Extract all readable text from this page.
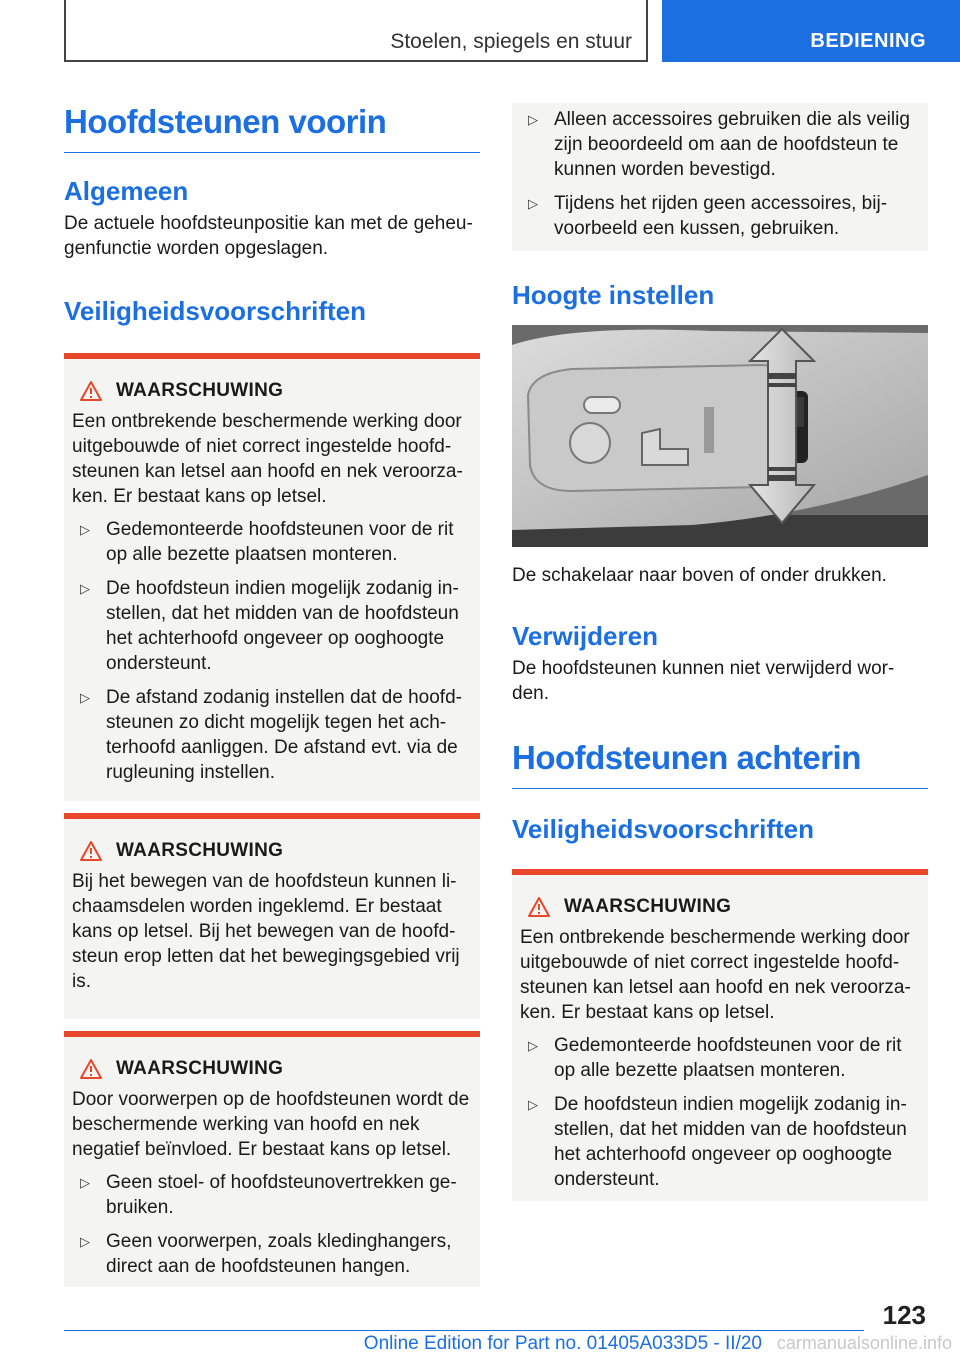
Stoelen, spiegels en stuur	BEDIENING
Hoofdsteunen voorin
Algemeen

De actuele hoofdsteunpositie kan met de geheu-genfunctie worden opgeslagen.

Veiligheidsvoorschriften
WAARSCHUWING

Een ontbrekende beschermende werking door uitgebouwde of niet correct ingestelde hoofd-steunen kan letsel aan hoofd en nek veroorza-ken. Er bestaat kans op letsel.

▷ Gedemonteerde hoofdsteunen voor de rit op alle bezette plaatsen monteren.
▷ De hoofdsteun indien mogelijk zodanig in-stellen, dat het midden van de hoofdsteun het achterhoofd ongeveer op ooghoogte ondersteunt.
▷ De afstand zodanig instellen dat de hoofd-steunen zo dicht mogelijk tegen het ach-terhoofd aanliggen. De afstand evt. via de rugleuning instellen.
WAARSCHUWING

Bij het bewegen van de hoofdsteun kunnen li-chaamsdelen worden ingeklemd. Er bestaat kans op letsel. Bij het bewegen van de hoofd-steun erop letten dat het bewegingsgebied vrij is.

WAARSCHUWING

Door voorwerpen op de hoofdsteunen wordt de beschermende werking van hoofd en nek negatief beïnvloed. Er bestaat kans op letsel.

▷ Geen stoel- of hoofdsteunovertrekken ge-bruiken.
▷ Geen voorwerpen, zoals kledinghangers, direct aan de hoofdsteunen hangen.
▷ Alleen accessoires gebruiken die als veilig zijn beoordeeld om aan de hoofdsteun te kunnen worden bevestigd.
▷ Tijdens het rijden geen accessoires, bij-voorbeeld een kussen, gebruiken.
Hoogte instellen

De schakelaar naar boven of onder drukken.

Verwijderen

De hoofdsteunen kunnen niet verwijderd wor-den.

Hoofdsteunen achterin
Veiligheidsvoorschriften
WAARSCHUWING

Een ontbrekende beschermende werking door uitgebouwde of niet correct ingestelde hoofd-steunen kan letsel aan hoofd en nek veroorza-ken. Er bestaat kans op letsel.

▷ Gedemonteerde hoofdsteunen voor de rit op alle bezette plaatsen monteren.
▷ De hoofdsteun indien mogelijk zodanig in-stellen, dat het midden van de hoofdsteun het achterhoofd ongeveer op ooghoogte ondersteunt.
123
Online Edition for Part no. 01405A033D5 - II/20 carmanualsonline.info
